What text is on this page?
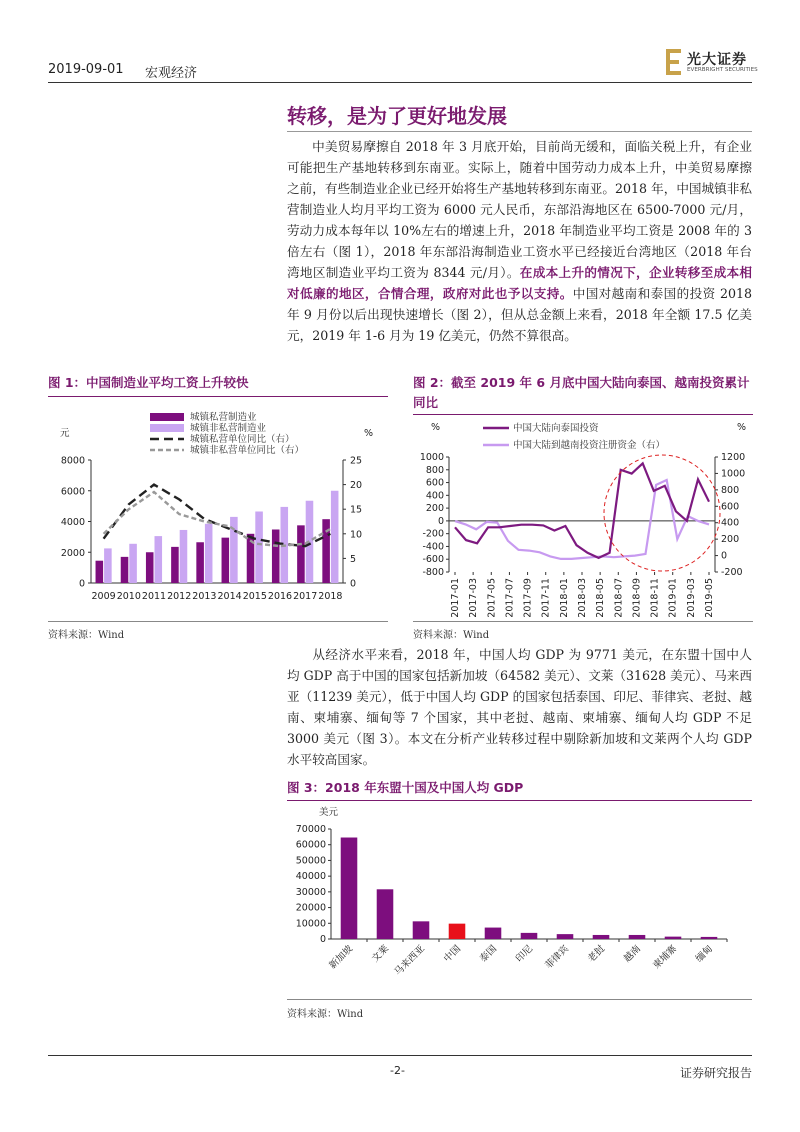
2019-09-01 宏观经济
光大证券
EVERBRIGHT SECURITIES
转移，是为了更好地发展

中美贸易摩擦自 2018 年 3 月底开始，目前尚无缓和，面临关税上升，有企业可能把生产基地转移到东南亚。实际上，随着中国劳动力成本上升，中美贸易摩擦之前，有些制造业企业已经开始将生产基地转移到东南亚。2018 年，中国城镇非私营制造业人均月平均工资为 6000 元人民币，东部沿海地区在 6500-7000 元/月，劳动力成本每年以 10%左右的增速上升，2018 年制造业平均工资是 2008 年的 3 倍左右（图 1），2018 年东部沿海制造业工资水平已经接近台湾地区（2018 年台湾地区制造业平均工资为 8344 元/月）。在成本上升的情况下，企业转移至成本相对低廉的地区，合情合理，政府对此也予以支持。中国对越南和泰国的投资 2018 年 9 月份以后出现快速增长（图 2），但从总金额上来看，2018 年全额 17.5 亿美元，2019 年 1-6 月为 19 亿美元，仍然不算很高。

图 1：中国制造业平均工资上升较快
元	%
0
2000
4000
6000
8000
0
5
10
15
20
25
2009 2010 2011 2012 2013 2014 2015 2016 2017 2018
城镇私营制造业
城镇非私营制造业
城镇私营单位同比（右）
城镇非私营单位同比（右）
资料来源：Wind
图 2：截至 2019 年 6 月底中国大陆向泰国、越南投资累计同比
%	%
-800
-600
-400
-200
0
200
400
600
800
1000
-200
0
200
400
600
800
1000
1200
2017-01 2017-03 2017-05 2017-07 2017-09 2017-11 2018-01 2018-03 2018-05 2018-07 2018-09 2018-11 2019-01 2019-03 2019-05
中国大陆向泰国投资
中国大陆到越南投资注册资金（右）
资料来源：Wind

从经济水平来看，2018 年，中国人均 GDP 为 9771 美元，在东盟十国中人均 GDP 高于中国的国家包括新加坡（64582 美元）、文莱（31628 美元）、马来西亚（11239 美元），低于中国人均 GDP 的国家包括泰国、印尼、菲律宾、老挝、越南、柬埔寨、缅甸等 7 个国家，其中老挝、越南、柬埔寨、缅甸人均 GDP 不足 3000 美元（图 3）。本文在分析产业转移过程中剔除新加坡和文莱两个人均 GDP 水平较高国家。

图 3：2018 年东盟十国及中国人均 GDP
美元
0
10000
20000
30000
40000
50000
60000
70000
新加坡 文莱 马来西亚 中国 泰国 印尼 菲律宾 老挝 越南 柬埔寨 缅甸
资料来源：Wind
-2-	证券研究报告
